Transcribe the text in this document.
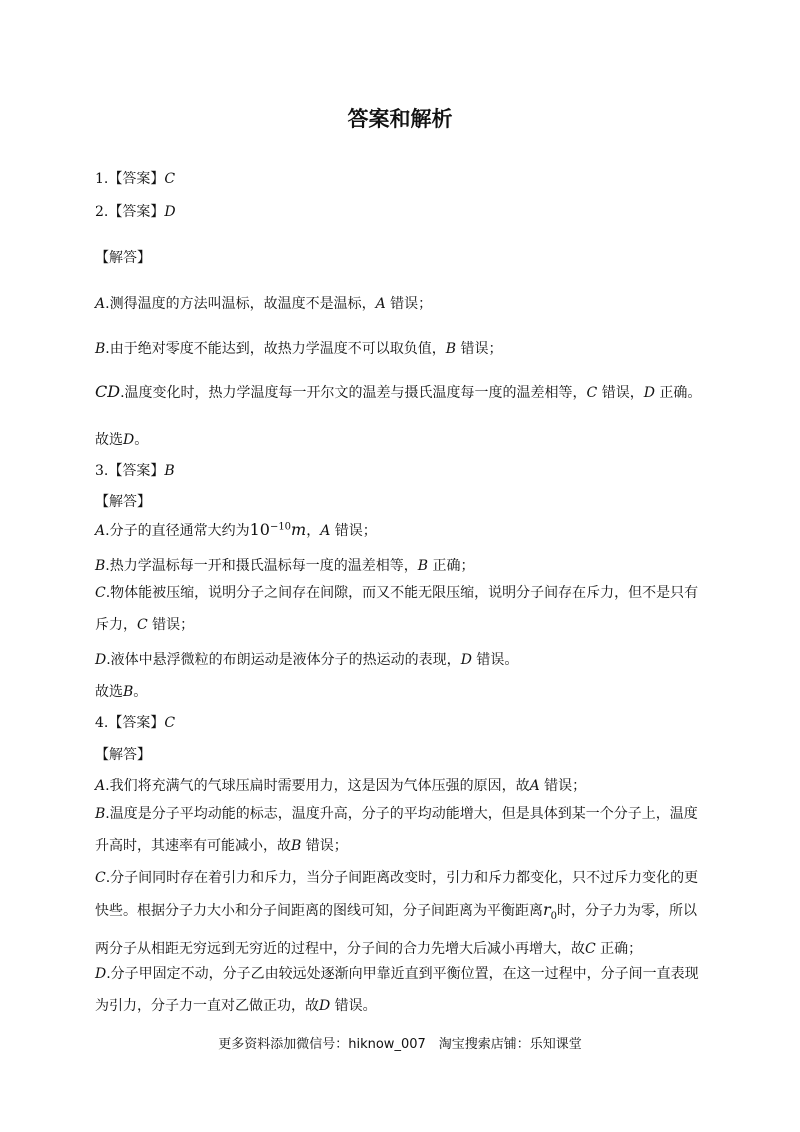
答案和解析
1.【答案】C
2.【答案】D
【解答】
A.测得温度的方法叫温标，故温度不是温标，A 错误；
B.由于绝对零度不能达到，故热力学温度不可以取负值，B 错误；
CD.温度变化时，热力学温度每一开尔文的温差与摄氏温度每一度的温差相等，C 错误，D 正确。
故选D。
3.【答案】B
【解答】
A.分子的直径通常大约为$10^{-10}m$，A 错误；
B.热力学温标每一开和摄氏温标每一度的温差相等，B 正确；
C.物体能被压缩，说明分子之间存在间隙，而又不能无限压缩，说明分子间存在斥力，但不是只有斥力，C 错误；
D.液体中悬浮微粒的布朗运动是液体分子的热运动的表现，D 错误。
故选B。
4.【答案】C
【解答】
A.我们将充满气的气球压扁时需要用力，这是因为气体压强的原因，故A 错误；
B.温度是分子平均动能的标志，温度升高，分子的平均动能增大，但是具体到某一个分子上，温度升高时，其速率有可能减小，故B 错误；
C.分子间同时存在着引力和斥力，当分子间距离改变时，引力和斥力都变化，只不过斥力变化的更快些。根据分子力大小和分子间距离的图线可知，分子间距离为平衡距离$r_0$时，分子力为零，所以两分子从相距无穷远到无穷近的过程中，分子间的合力先增大后减小再增大，故C 正确；
D.分子甲固定不动，分子乙由较远处逐渐向甲靠近直到平衡位置，在这一过程中，分子间一直表现为引力，分子力一直对乙做正功，故D 错误。
更多资料添加微信号：hiknow_007　淘宝搜索店铺：乐知课堂
